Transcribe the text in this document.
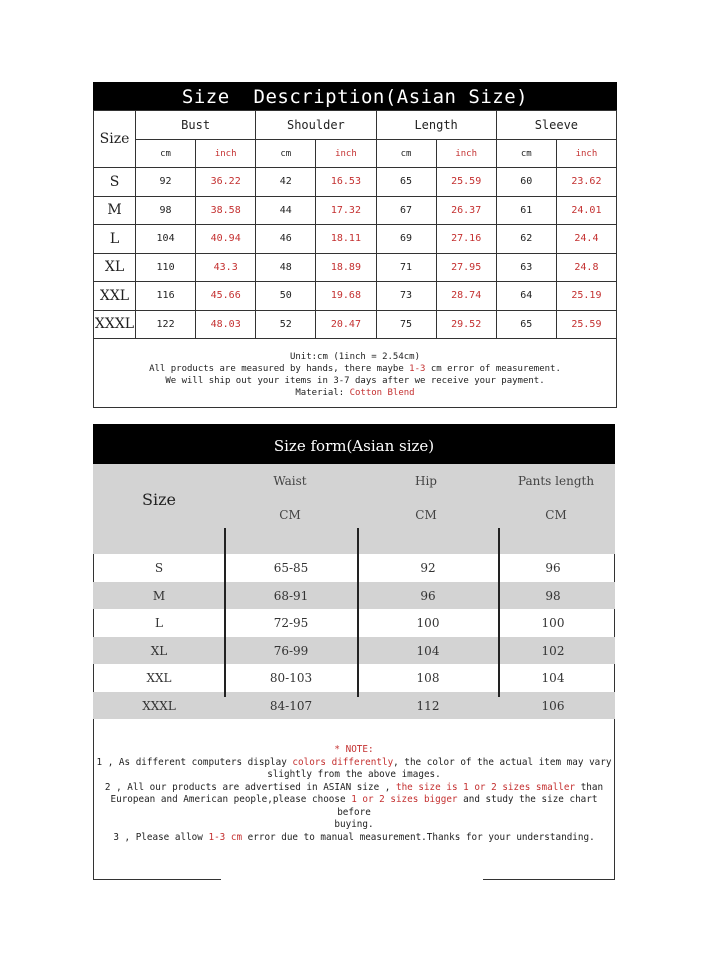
Size  Description(Asian Size)
Size	Bust		Shoulder		Length		Sleeve	
	cm	inch	cm	inch	cm	inch	cm	inch
S	92	36.22	42	16.53	65	25.59	60	23.62
M	98	38.58	44	17.32	67	26.37	61	24.01
L	104	40.94	46	18.11	69	27.16	62	24.4
XL	110	43.3	48	18.89	71	27.95	63	24.8
XXL	116	45.66	50	19.68	73	28.74	64	25.19
XXXL	122	48.03	52	20.47	75	29.52	65	25.59
Unit:cm (1inch = 2.54cm)
All products are measured by hands, there maybe 1-3 cm error of measurement.
We will ship out your items in 3-7 days after we receive your payment.
Material: Cotton Blend
Size form(Asian size)
Size
Waist	Hip	Pants length
CM	CM	CM
S	65-85	92	96
M	68-91	96	98
L	72-95	100	100
XL	76-99	104	102
XXL	80-103	108	104
XXXL	84-107	112	106
* NOTE:
1 , As different computers display colors differently, the color of the actual item may vary
slightly from the above images.
2 , All our products are advertised in ASIAN size , the size is 1 or 2 sizes smaller than
European and American people,please choose 1 or 2 sizes bigger and study the size chart before
buying.
3 , Please allow 1-3 cm error due to manual measurement.Thanks for your understanding.
